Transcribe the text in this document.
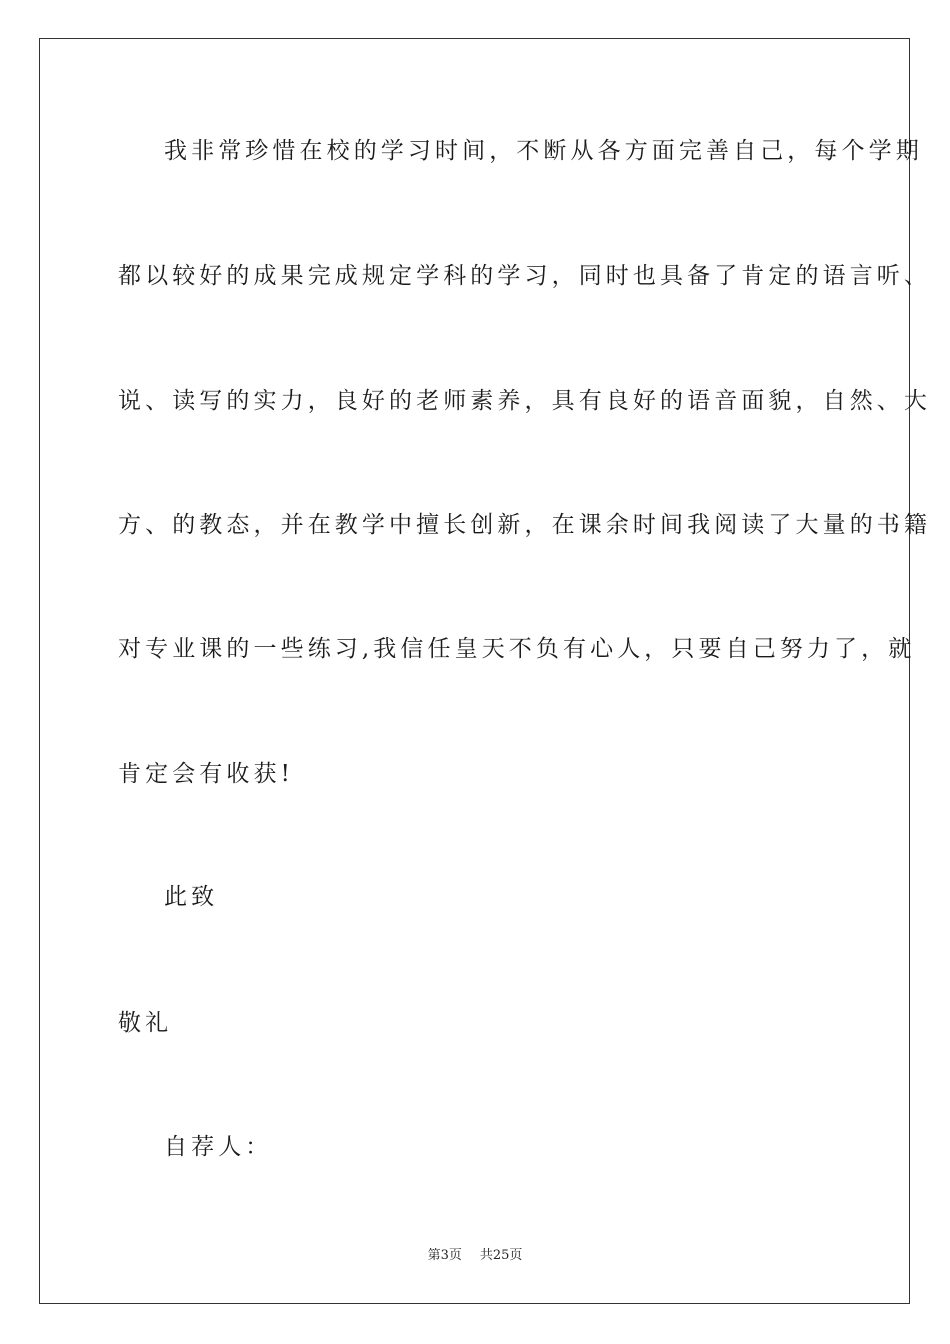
我非常珍惜在校的学习时间，不断从各方面完善自己，每个学期
都以较好的成果完成规定学科的学习，同时也具备了肯定的语言听、
说、读写的实力，良好的老师素养，具有良好的语音面貌，自然、大
方、的教态，并在教学中擅长创新，在课余时间我阅读了大量的书籍
对专业课的一些练习,我信任皇天不负有心人，只要自己努力了，就
肯定会有收获!
此致
敬礼
自荐人：
第3页 共25页
